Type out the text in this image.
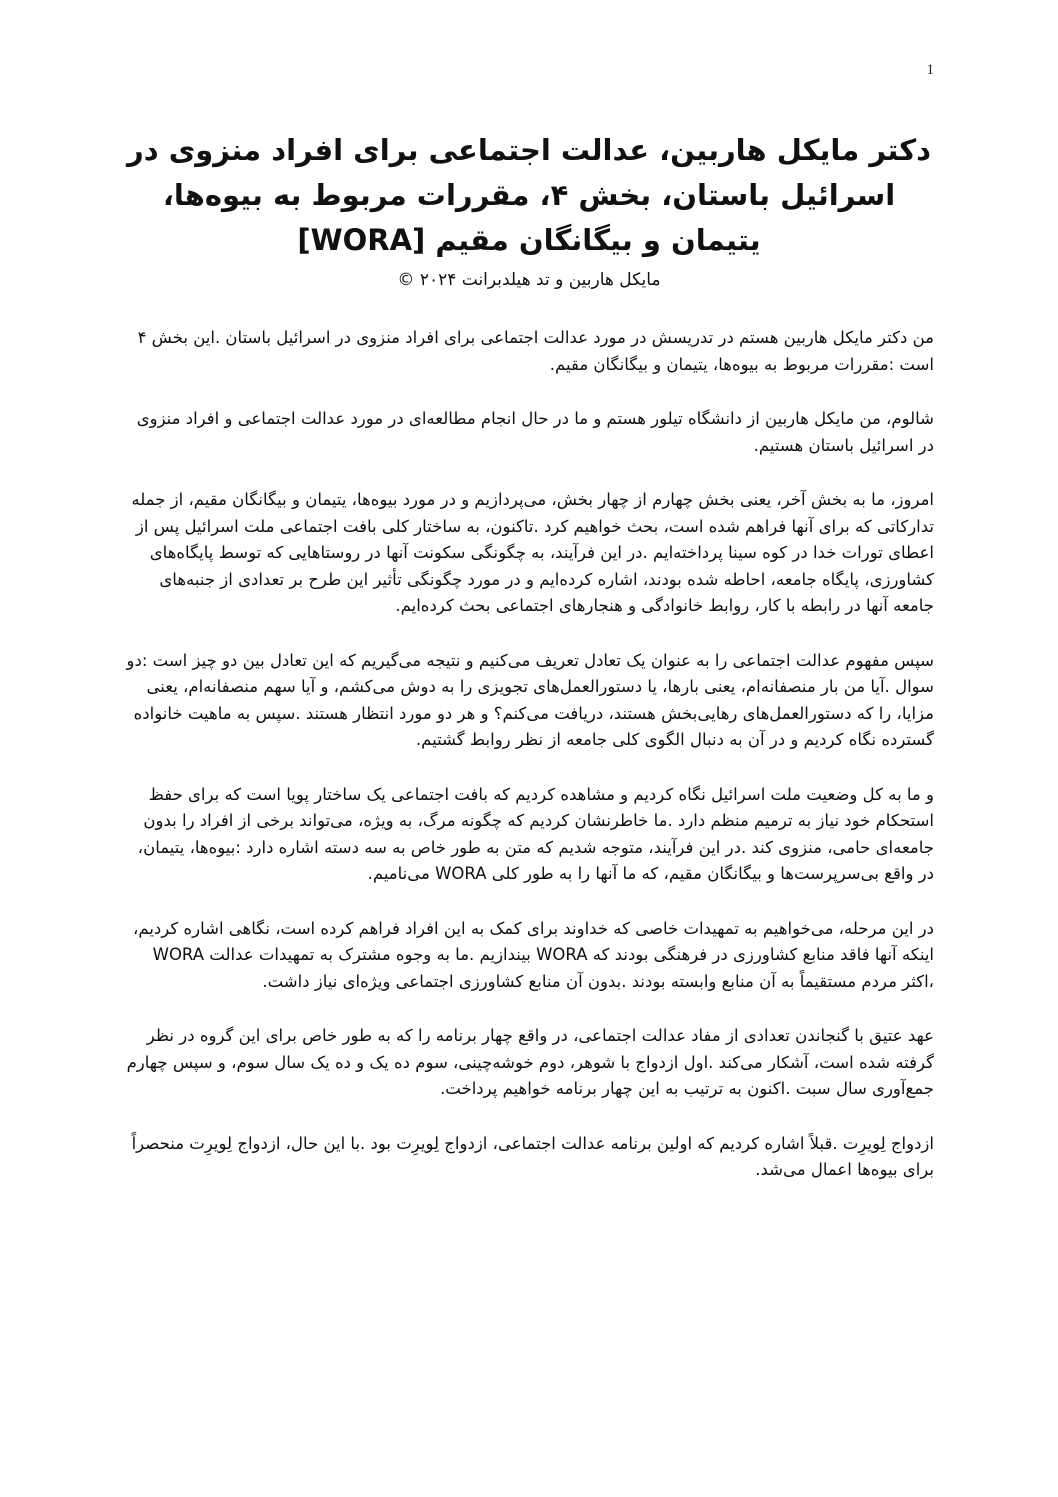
1
دکتر مایکل هاربین، عدالت اجتماعی برای افراد منزوی در اسرائیل باستان، بخش ۴، مقررات مربوط به بیوه‌ها، یتیمان و بیگانگان مقیم [WORA]

مایکل هاربین و تد هیلدبرانت ۲۰۲۴ ©

من دکتر مایکل هاربین هستم در تدریسش در مورد عدالت اجتماعی برای افراد منزوی در اسرائیل باستان .این بخش ۴ است :مقررات مربوط به بیوه‌ها، یتیمان و بیگانگان مقیم.

شالوم، من مایکل هاربین از دانشگاه تیلور هستم و ما در حال انجام مطالعه‌ای در مورد عدالت اجتماعی و افراد منزوی در اسرائیل باستان هستیم.

امروز، ما به بخش آخر، یعنی بخش چهارم از چهار بخش، می‌پردازیم و در مورد بیوه‌ها، یتیمان و بیگانگان مقیم، از جمله تدارکاتی که برای آنها فراهم شده است، بحث خواهیم کرد .تاکنون، به ساختار کلی بافت اجتماعی ملت اسرائیل پس از اعطای تورات خدا در کوه سینا پرداخته‌ایم .در این فرآیند، به چگونگی سکونت آنها در روستاهایی که توسط پایگاه‌های کشاورزی، پایگاه جامعه، احاطه شده بودند، اشاره کرده‌ایم و در مورد چگونگی تأثیر این طرح بر تعدادی از جنبه‌های جامعه آنها در رابطه با کار، روابط خانوادگی و هنجارهای اجتماعی بحث کرده‌ایم.

سپس مفهوم عدالت اجتماعی را به عنوان یک تعادل تعریف می‌کنیم و نتیجه می‌گیریم که این تعادل بین دو چیز است :دو سوال .آیا من بار منصفانه‌ام، یعنی بارها، یا دستورالعمل‌های تجویزی را به دوش می‌کشم، و آیا سهم منصفانه‌ام، یعنی مزایا، را که دستورالعمل‌های رهایی‌بخش هستند، دریافت می‌کنم؟ و هر دو مورد انتظار هستند .سپس به ماهیت خانواده گسترده نگاه کردیم و در آن به دنبال الگوی کلی جامعه از نظر روابط گشتیم.

و ما به کل وضعیت ملت اسرائیل نگاه کردیم و مشاهده کردیم که بافت اجتماعی یک ساختار پویا است که برای حفظ استحکام خود نیاز به ترمیم منظم دارد .ما خاطرنشان کردیم که چگونه مرگ، به ویژه، می‌تواند برخی از افراد را بدون جامعه‌ای حامی، منزوی کند .در این فرآیند، متوجه شدیم که متن به طور خاص به سه دسته اشاره دارد :بیوه‌ها، یتیمان، در واقع بی‌سرپرست‌ها و بیگانگان مقیم، که ما آنها را به طور کلی WORA می‌نامیم.

در این مرحله، می‌خواهیم به تمهیدات خاصی که خداوند برای کمک به این افراد فراهم کرده است، نگاهی اشاره کردیم، اینکه آنها فاقد منابع کشاورزی در فرهنگی بودند که WORA بیندازیم .ما به وجوه مشترک به تمهیدات عدالت WORA ،اکثر مردم مستقیماً به آن منابع وابسته بودند .بدون آن منابع کشاورزی اجتماعی ویژه‌ای نیاز داشت.

عهد عتیق با گنجاندن تعدادی از مفاد عدالت اجتماعی، در واقع چهار برنامه را که به طور خاص برای این گروه در نظر گرفته شده است، آشکار می‌کند .اول ازدواج با شوهر، دوم خوشه‌چینی، سوم ده یک و ده یک سال سوم، و سپس چهارم جمع‌آوری سال سبت .اکنون به ترتیب به این چهار برنامه خواهیم پرداخت.

ازدواج لِویرِت .قبلاً اشاره کردیم که اولین برنامه عدالت اجتماعی، ازدواج لِویرِت بود .با این حال، ازدواج لِویرِت منحصراً برای بیوه‌ها اعمال می‌شد.
